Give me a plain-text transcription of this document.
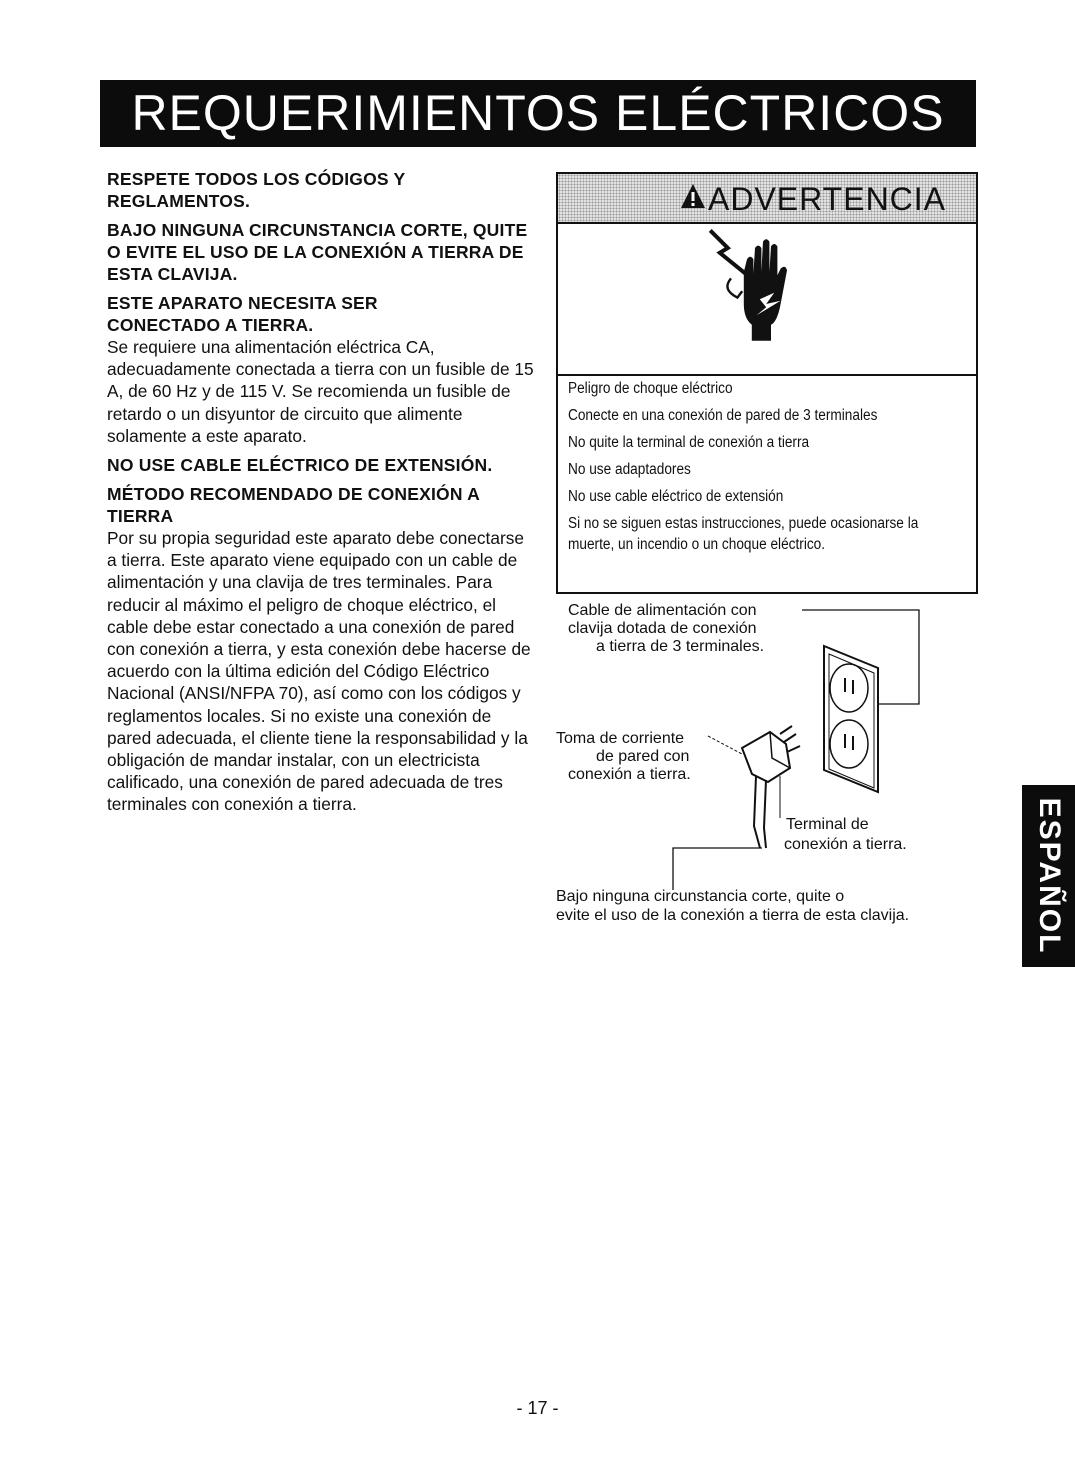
REQUERIMIENTOS ELÉCTRICOS

RESPETE TODOS LOS CÓDIGOS Y REGLAMENTOS.

BAJO NINGUNA CIRCUNSTANCIA CORTE, QUITE O EVITE EL USO DE LA CONEXIÓN A TIERRA DE ESTA CLAVIJA.

ESTE APARATO NECESITA SER CONECTADO A TIERRA.

Se requiere una alimentación eléctrica CA, adecuadamente conectada a tierra con un fusible de 15 A, de 60 Hz y de 115 V. Se recomienda un fusible de retardo o un disyuntor de circuito que alimente solamente a este aparato.

NO USE CABLE ELÉCTRICO DE EXTENSIÓN.

MÉTODO RECOMENDADO DE CONEXIÓN A TIERRA

Por su propia seguridad este aparato debe conectarse a tierra. Este aparato viene equipado con un cable de alimentación y una clavija de tres terminales. Para reducir al máximo el peligro de choque eléctrico, el cable debe estar conectado a una conexión de pared con conexión a tierra, y esta conexión debe hacerse de acuerdo con la última edición del Código Eléctrico Nacional (ANSI/NFPA 70), así como con los códigos y reglamentos locales. Si no existe una conexión de pared adecuada, el cliente tiene la responsabilidad y la obligación de mandar instalar, con un electricista calificado, una conexión de pared adecuada de tres terminales con conexión a tierra.

ADVERTENCIA
Peligro de choque eléctrico
Conecte en una conexión de pared de 3 terminales
No quite la terminal de conexión a tierra
No use adaptadores
No use cable eléctrico de extensión
Si no se siguen estas instrucciones, puede ocasionarse la muerte, un incendio o un choque eléctrico.
Cable de alimentación con
clavija dotada de conexión
a tierra de 3 terminales.
Toma de corriente
de pared con
conexión a tierra.
Terminal de
conexión a tierra.
Bajo ninguna circunstancia corte, quite o
evite el uso de la conexión a tierra de esta clavija.	ESPAÑOL
- 17 -
